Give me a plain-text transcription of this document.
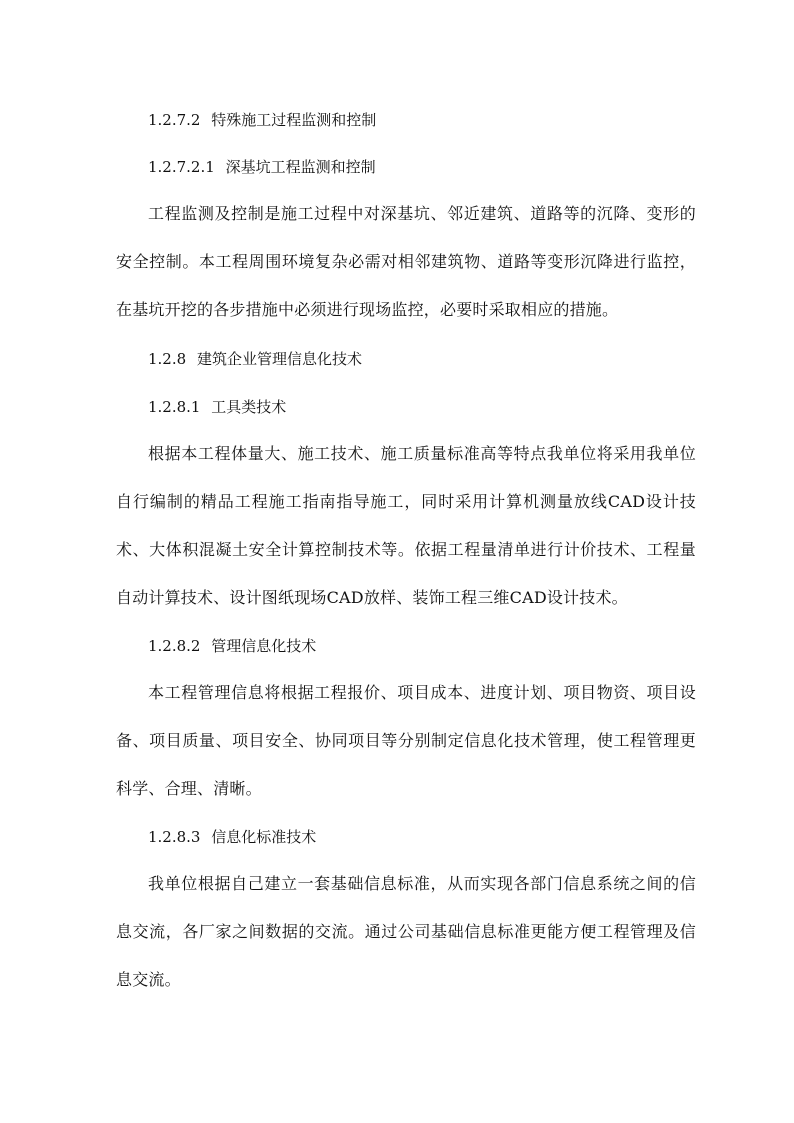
1.2.7.2 特殊施工过程监测和控制
1.2.7.2.1 深基坑工程监测和控制
工程监测及控制是施工过程中对深基坑、邻近建筑、道路等的沉降、变形的安全控制。本工程周围环境复杂必需对相邻建筑物、道路等变形沉降进行监控，在基坑开挖的各步措施中必须进行现场监控，必要时采取相应的措施。
1.2.8 建筑企业管理信息化技术
1.2.8.1 工具类技术
根据本工程体量大、施工技术、施工质量标准高等特点我单位将采用我单位自行编制的精品工程施工指南指导施工，同时采用计算机测量放线CAD设计技术、大体积混凝土安全计算控制技术等。依据工程量清单进行计价技术、工程量自动计算技术、设计图纸现场CAD放样、装饰工程三维CAD设计技术。
1.2.8.2 管理信息化技术
本工程管理信息将根据工程报价、项目成本、进度计划、项目物资、项目设备、项目质量、项目安全、协同项目等分别制定信息化技术管理，使工程管理更科学、合理、清晰。
1.2.8.3 信息化标准技术
我单位根据自己建立一套基础信息标准，从而实现各部门信息系统之间的信息交流，各厂家之间数据的交流。通过公司基础信息标准更能方便工程管理及信息交流。
